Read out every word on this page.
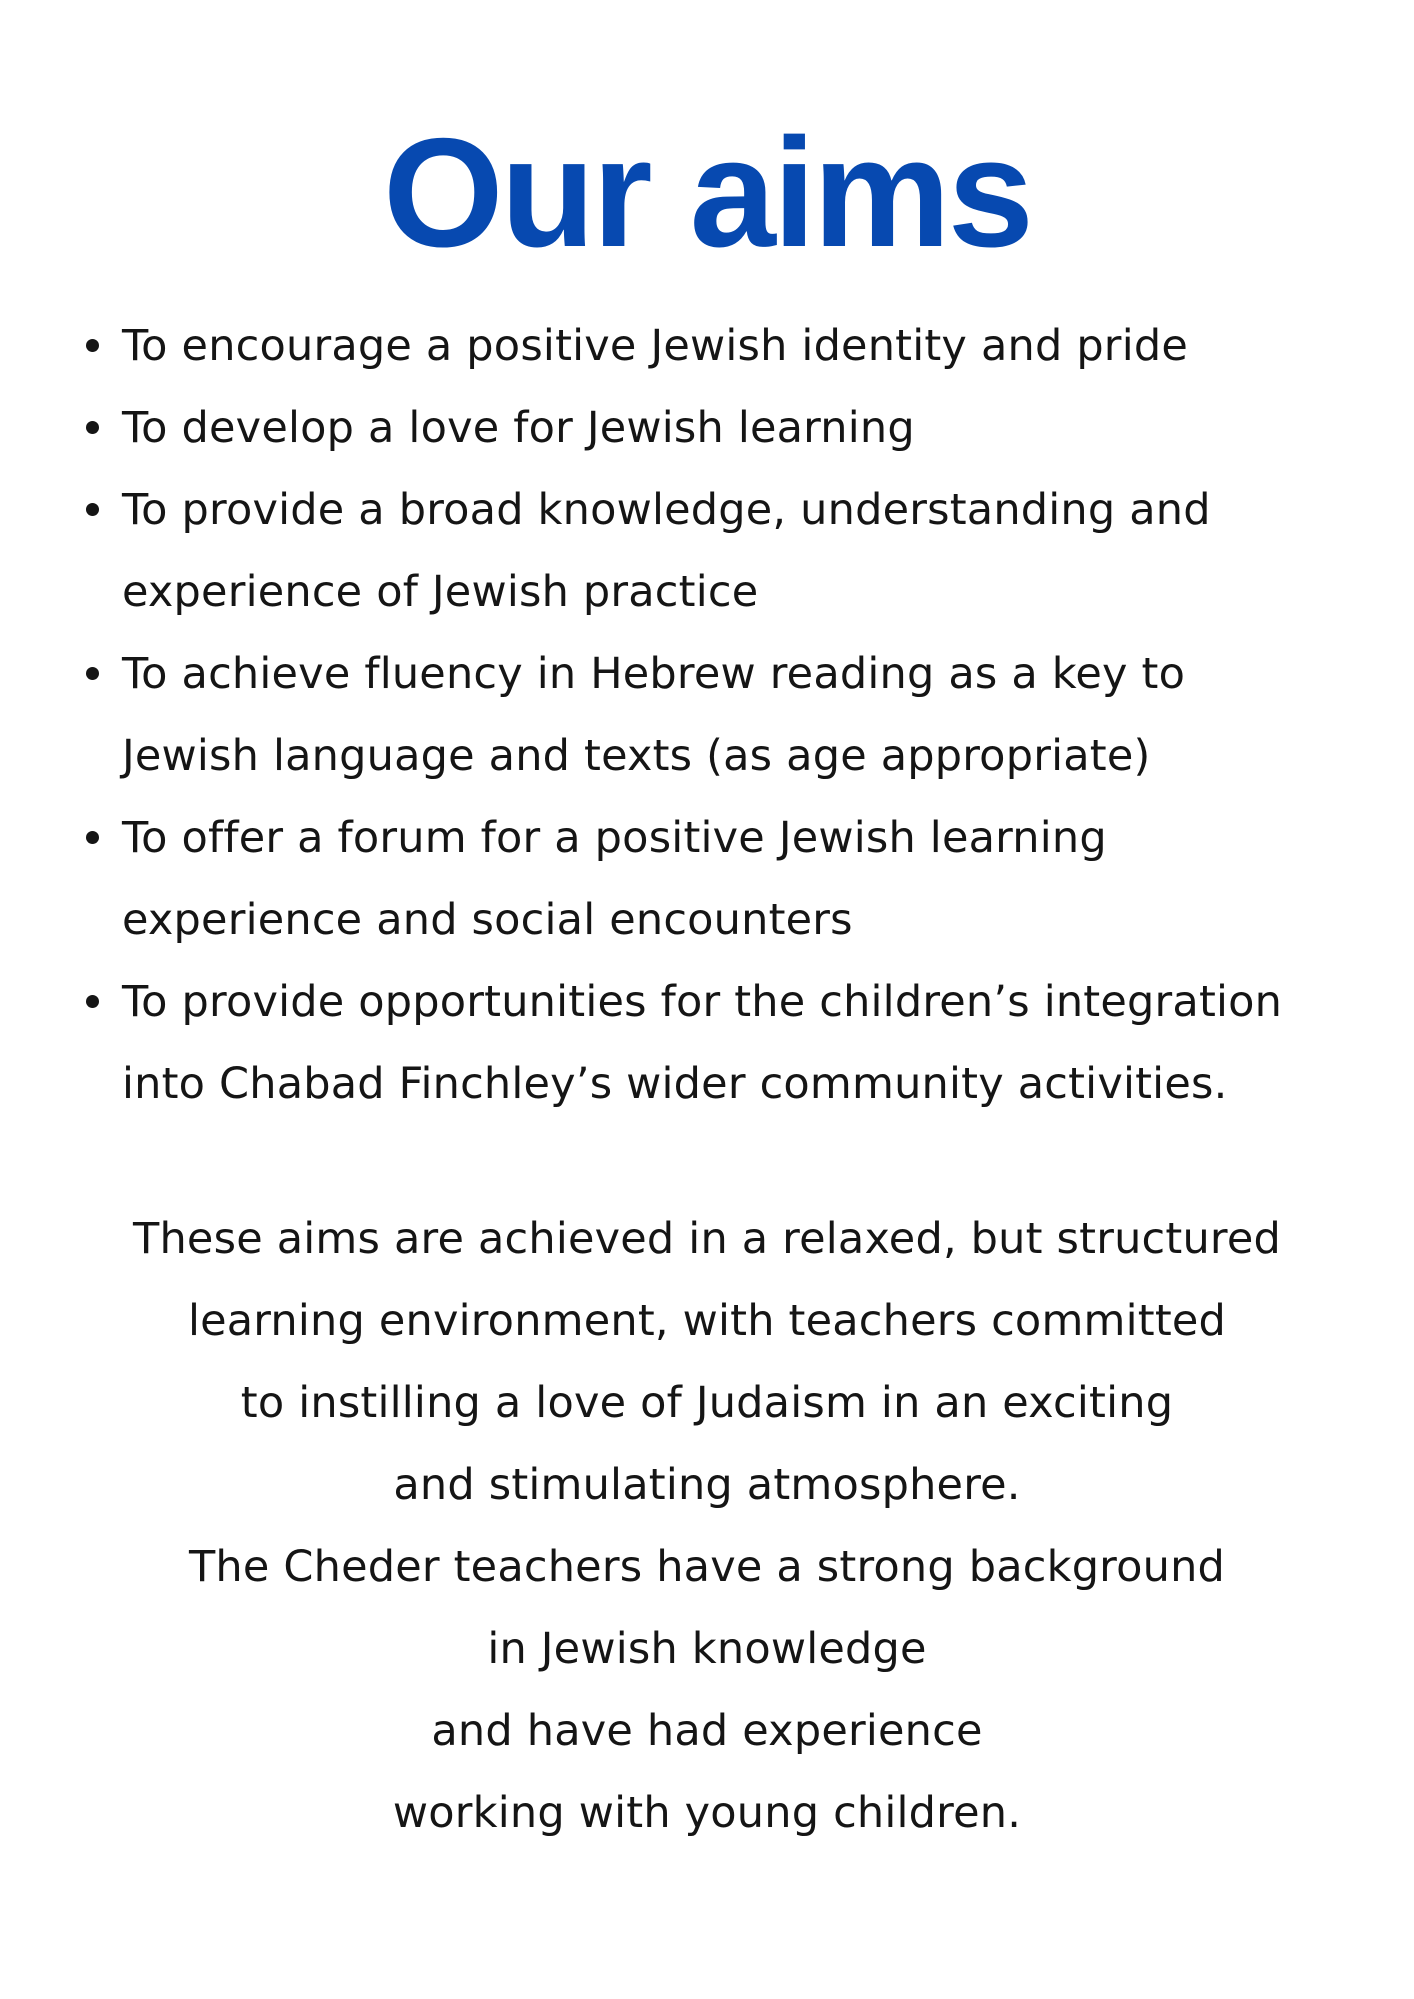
Our aims
To encourage a positive Jewish identity and pride
To develop a love for Jewish learning
To provide a broad knowledge, understanding and
experience of Jewish practice
To achieve fluency in Hebrew reading as a key to
Jewish language and texts (as age appropriate)
To offer a forum for a positive Jewish learning
experience and social encounters
To provide opportunities for the children’s integration
into Chabad Finchley’s wider community activities.
These aims are achieved in a relaxed, but structured
learning environment, with teachers committed
to instilling a love of Judaism in an exciting
and stimulating atmosphere.
The Cheder teachers have a strong background
in Jewish knowledge
and have had experience
working with young children.
